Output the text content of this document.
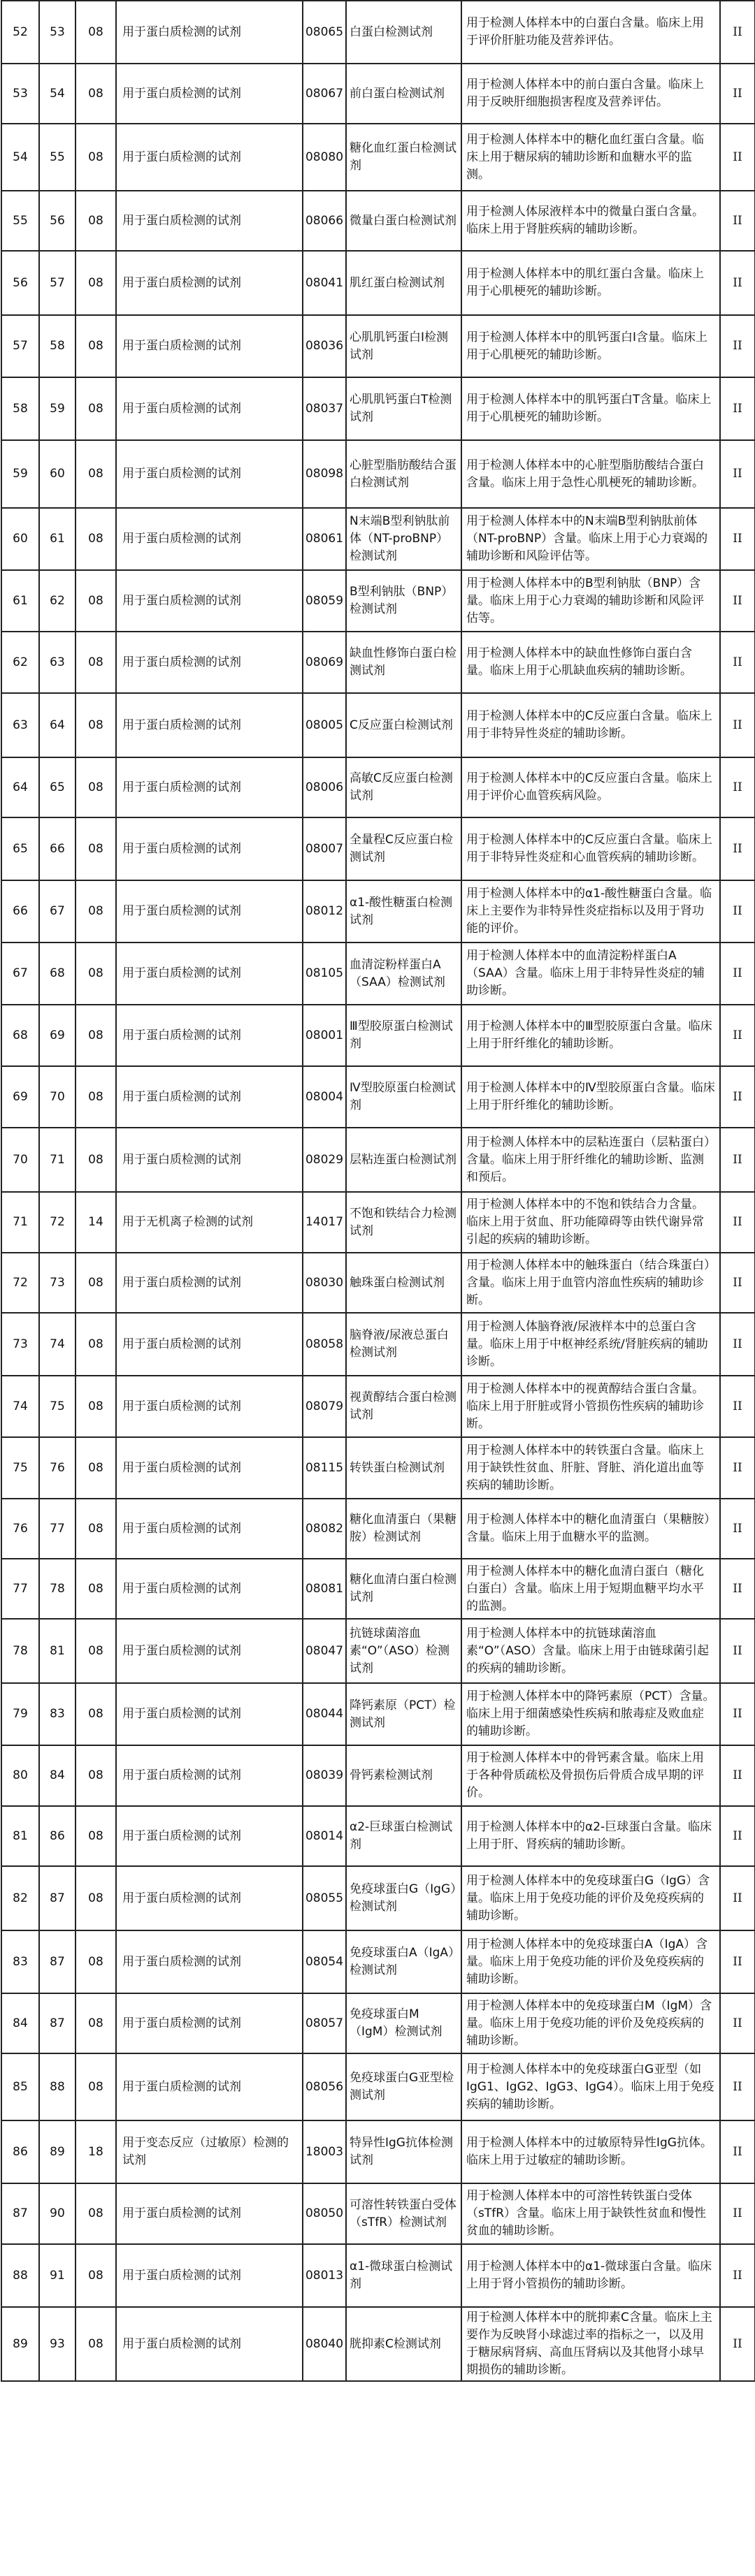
52	53	08	用于蛋白质检测的试剂	08065	白蛋白检测试剂	用于检测人体样本中的白蛋白含量。临床上用于评价肝脏功能及营养评估。	II
53	54	08	用于蛋白质检测的试剂	08067	前白蛋白检测试剂	用于检测人体样本中的前白蛋白含量。临床上用于反映肝细胞损害程度及营养评估。	II
54	55	08	用于蛋白质检测的试剂	08080	糖化血红蛋白检测试剂	用于检测人体样本中的糖化血红蛋白含量。临床上用于糖尿病的辅助诊断和血糖水平的监测。	II
55	56	08	用于蛋白质检测的试剂	08066	微量白蛋白检测试剂	用于检测人体尿液样本中的微量白蛋白含量。临床上用于肾脏疾病的辅助诊断。	II
56	57	08	用于蛋白质检测的试剂	08041	肌红蛋白检测试剂	用于检测人体样本中的肌红蛋白含量。临床上用于心肌梗死的辅助诊断。	II
57	58	08	用于蛋白质检测的试剂	08036	心肌肌钙蛋白I检测试剂	用于检测人体样本中的肌钙蛋白I含量。临床上用于心肌梗死的辅助诊断。	II
58	59	08	用于蛋白质检测的试剂	08037	心肌肌钙蛋白T检测试剂	用于检测人体样本中的肌钙蛋白T含量。临床上用于心肌梗死的辅助诊断。	II
59	60	08	用于蛋白质检测的试剂	08098	心脏型脂肪酸结合蛋白检测试剂	用于检测人体样本中的心脏型脂肪酸结合蛋白含量。临床上用于急性心肌梗死的辅助诊断。	II
60	61	08	用于蛋白质检测的试剂	08061	N末端B型利钠肽前体（NT-proBNP）检测试剂	用于检测人体样本中的N末端B型利钠肽前体（NT-proBNP）含量。临床上用于心力衰竭的辅助诊断和风险评估等。	II
61	62	08	用于蛋白质检测的试剂	08059	B型利钠肽（BNP）检测试剂	用于检测人体样本中的B型利钠肽（BNP）含量。临床上用于心力衰竭的辅助诊断和风险评估等。	II
62	63	08	用于蛋白质检测的试剂	08069	缺血性修饰白蛋白检测试剂	用于检测人体样本中的缺血性修饰白蛋白含量。临床上用于心肌缺血疾病的辅助诊断。	II
63	64	08	用于蛋白质检测的试剂	08005	C反应蛋白检测试剂	用于检测人体样本中的C反应蛋白含量。临床上用于非特异性炎症的辅助诊断。	II
64	65	08	用于蛋白质检测的试剂	08006	高敏C反应蛋白检测试剂	用于检测人体样本中的C反应蛋白含量。临床上用于评价心血管疾病风险。	II
65	66	08	用于蛋白质检测的试剂	08007	全量程C反应蛋白检测试剂	用于检测人体样本中的C反应蛋白含量。临床上用于非特异性炎症和心血管疾病的辅助诊断。	II
66	67	08	用于蛋白质检测的试剂	08012	α1-酸性糖蛋白检测试剂	用于检测人体样本中的α1-酸性糖蛋白含量。临床上主要作为非特异性炎症指标以及用于肾功能的评价。	II
67	68	08	用于蛋白质检测的试剂	08105	血清淀粉样蛋白A（SAA）检测试剂	用于检测人体样本中的血清淀粉样蛋白A（SAA）含量。临床上用于非特异性炎症的辅助诊断。	II
68	69	08	用于蛋白质检测的试剂	08001	Ⅲ型胶原蛋白检测试剂	用于检测人体样本中的Ⅲ型胶原蛋白含量。临床上用于肝纤维化的辅助诊断。	II
69	70	08	用于蛋白质检测的试剂	08004	Ⅳ型胶原蛋白检测试剂	用于检测人体样本中的Ⅳ型胶原蛋白含量。临床上用于肝纤维化的辅助诊断。	II
70	71	08	用于蛋白质检测的试剂	08029	层粘连蛋白检测试剂	用于检测人体样本中的层粘连蛋白（层粘蛋白）含量。临床上用于肝纤维化的辅助诊断、监测和预后。	II
71	72	14	用于无机离子检测的试剂	14017	不饱和铁结合力检测试剂	用于检测人体样本中的不饱和铁结合力含量。临床上用于贫血、肝功能障碍等由铁代谢异常引起的疾病的辅助诊断。	II
72	73	08	用于蛋白质检测的试剂	08030	触珠蛋白检测试剂	用于检测人体样本中的触珠蛋白（结合珠蛋白）含量。临床上用于血管内溶血性疾病的辅助诊断。	II
73	74	08	用于蛋白质检测的试剂	08058	脑脊液/尿液总蛋白检测试剂	用于检测人体脑脊液/尿液样本中的总蛋白含量。临床上用于中枢神经系统/肾脏疾病的辅助诊断。	II
74	75	08	用于蛋白质检测的试剂	08079	视黄醇结合蛋白检测试剂	用于检测人体样本中的视黄醇结合蛋白含量。临床上用于肝脏或肾小管损伤性疾病的辅助诊断。	II
75	76	08	用于蛋白质检测的试剂	08115	转铁蛋白检测试剂	用于检测人体样本中的转铁蛋白含量。临床上用于缺铁性贫血、肝脏、肾脏、消化道出血等疾病的辅助诊断。	II
76	77	08	用于蛋白质检测的试剂	08082	糖化血清蛋白（果糖胺）检测试剂	用于检测人体样本中的糖化血清蛋白（果糖胺）含量。临床上用于血糖水平的监测。	II
77	78	08	用于蛋白质检测的试剂	08081	糖化血清白蛋白检测试剂	用于检测人体样本中的糖化血清白蛋白（糖化白蛋白）含量。临床上用于短期血糖平均水平的监测。	II
78	81	08	用于蛋白质检测的试剂	08047	抗链球菌溶血素“O”（ASO）检测试剂	用于检测人体样本中的抗链球菌溶血素“O”（ASO）含量。临床上用于由链球菌引起的疾病的辅助诊断。	II
79	83	08	用于蛋白质检测的试剂	08044	降钙素原（PCT）检测试剂	用于检测人体样本中的降钙素原（PCT）含量。临床上用于细菌感染性疾病和脓毒症及败血症的辅助诊断。	II
80	84	08	用于蛋白质检测的试剂	08039	骨钙素检测试剂	用于检测人体样本中的骨钙素含量。临床上用于各种骨质疏松及骨损伤后骨质合成早期的评价。	II
81	86	08	用于蛋白质检测的试剂	08014	α2-巨球蛋白检测试剂	用于检测人体样本中的α2-巨球蛋白含量。临床上用于肝、肾疾病的辅助诊断。	II
82	87	08	用于蛋白质检测的试剂	08055	免疫球蛋白G（IgG）检测试剂	用于检测人体样本中的免疫球蛋白G（IgG）含量。临床上用于免疫功能的评价及免疫疾病的辅助诊断。	II
83	87	08	用于蛋白质检测的试剂	08054	免疫球蛋白A（IgA）检测试剂	用于检测人体样本中的免疫球蛋白A（IgA）含量。临床上用于免疫功能的评价及免疫疾病的辅助诊断。	II
84	87	08	用于蛋白质检测的试剂	08057	免疫球蛋白M（IgM）检测试剂	用于检测人体样本中的免疫球蛋白M（IgM）含量。临床上用于免疫功能的评价及免疫疾病的辅助诊断。	II
85	88	08	用于蛋白质检测的试剂	08056	免疫球蛋白G亚型检测试剂	用于检测人体样本中的免疫球蛋白G亚型（如IgG1、IgG2、IgG3、IgG4）。临床上用于免疫疾病的辅助诊断。	II
86	89	18	用于变态反应（过敏原）检测的试剂	18003	特异性IgG抗体检测试剂	用于检测人体样本中的过敏原特异性IgG抗体。临床上用于过敏症的辅助诊断。	II
87	90	08	用于蛋白质检测的试剂	08050	可溶性转铁蛋白受体（sTfR）检测试剂	用于检测人体样本中的可溶性转铁蛋白受体（sTfR）含量。临床上用于缺铁性贫血和慢性贫血的辅助诊断。	II
88	91	08	用于蛋白质检测的试剂	08013	α1-微球蛋白检测试剂	用于检测人体样本中的α1-微球蛋白含量。临床上用于肾小管损伤的辅助诊断。	II
89	93	08	用于蛋白质检测的试剂	08040	胱抑素C检测试剂	用于检测人体样本中的胱抑素C含量。临床上主要作为反映肾小球滤过率的指标之一，以及用于糖尿病肾病、高血压肾病以及其他肾小球早期损伤的辅助诊断。	II
